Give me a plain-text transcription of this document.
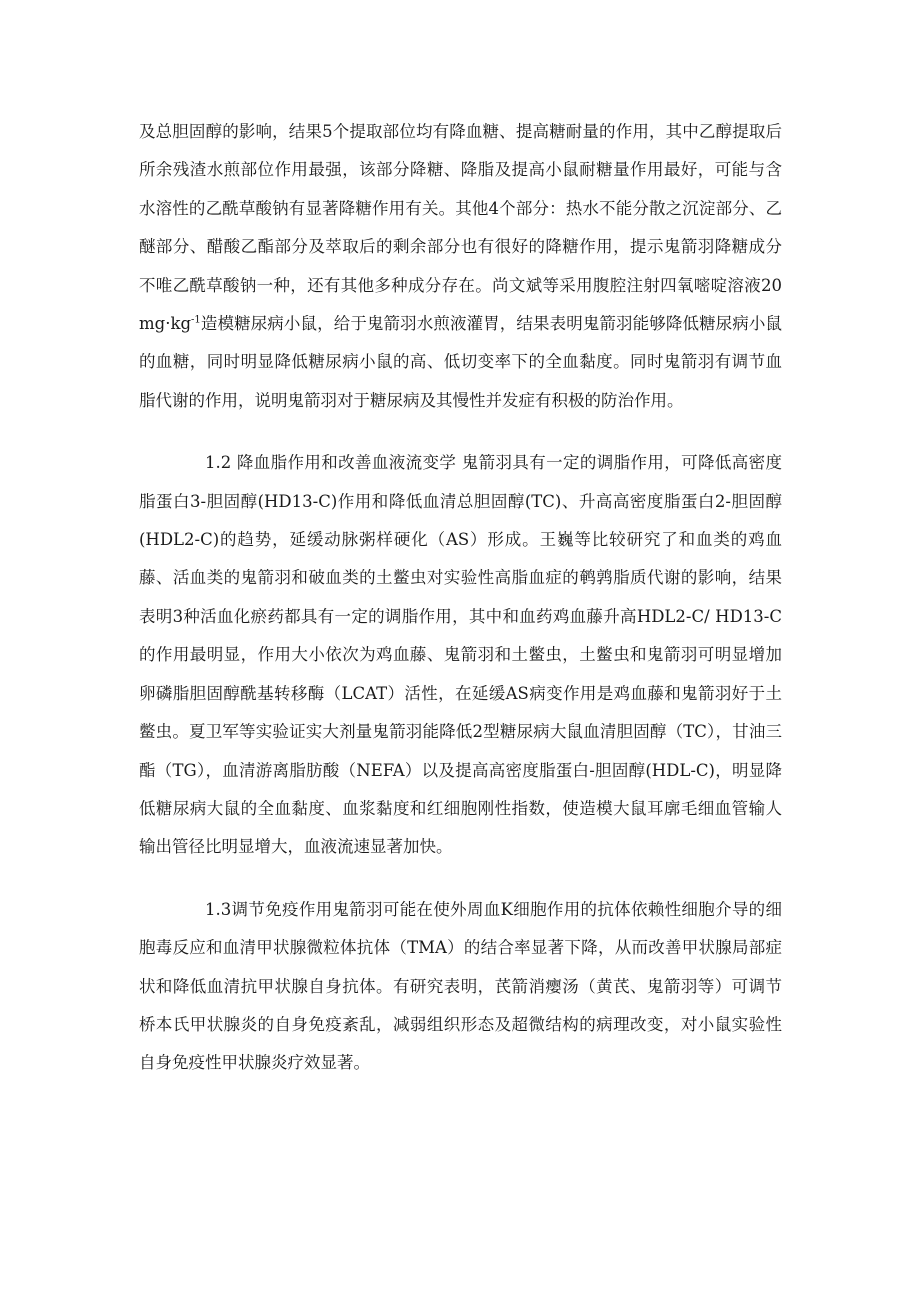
及总胆固醇的影响，结果5个提取部位均有降血糖、提高糖耐量的作用，其中乙醇提取后所余残渣水煎部位作用最强，该部分降糖、降脂及提高小鼠耐糖量作用最好，可能与含水溶性的乙酰草酸钠有显著降糖作用有关。其他4个部分：热水不能分散之沉淀部分、乙醚部分、醋酸乙酯部分及萃取后的剩余部分也有很好的降糖作用，提示鬼箭羽降糖成分不唯乙酰草酸钠一种，还有其他多种成分存在。尚文斌等采用腹腔注射四氧嘧啶溶液$20mg\cdot kg^{-1}$造模糖尿病小鼠，给于鬼箭羽水煎液灌胃，结果表明鬼箭羽能够降低糖尿病小鼠的血糖，同时明显降低糖尿病小鼠的高、低切变率下的全血黏度。同时鬼箭羽有调节血脂代谢的作用，说明鬼箭羽对于糖尿病及其慢性并发症有积极的防治作用。

1.2 降血脂作用和改善血液流变学 鬼箭羽具有一定的调脂作用，可降低高密度脂蛋白3-胆固醇(HD13-C)作用和降低血清总胆固醇(TC)、升高高密度脂蛋白2-胆固醇(HDL2-C)的趋势，延缓动脉粥样硬化（AS）形成。王巍等比较研究了和血类的鸡血藤、活血类的鬼箭羽和破血类的土鳖虫对实验性高脂血症的鹌鹑脂质代谢的影响，结果表明3种活血化瘀药都具有一定的调脂作用，其中和血药鸡血藤升高HDL2-C/ HD13-C的作用最明显，作用大小依次为鸡血藤、鬼箭羽和土鳖虫，土鳖虫和鬼箭羽可明显增加卵磷脂胆固醇酰基转移酶（LCAT）活性，在延缓AS病变作用是鸡血藤和鬼箭羽好于土鳖虫。夏卫军等实验证实大剂量鬼箭羽能降低2型糖尿病大鼠血清胆固醇（TC），甘油三酯（TG），血清游离脂肪酸（NEFA）以及提高高密度脂蛋白-胆固醇(HDL-C)，明显降低糖尿病大鼠的全血黏度、血浆黏度和红细胞刚性指数，使造模大鼠耳廓毛细血管输人输出管径比明显增大，血液流速显著加快。

1.3调节免疫作用鬼箭羽可能在使外周血K细胞作用的抗体依赖性细胞介导的细胞毒反应和血清甲状腺微粒体抗体（TMA）的结合率显著下降，从而改善甲状腺局部症状和降低血清抗甲状腺自身抗体。有研究表明，芪箭消瘿汤（黄芪、鬼箭羽等）可调节桥本氏甲状腺炎的自身免疫紊乱，减弱组织形态及超微结构的病理改变，对小鼠实验性自身免疫性甲状腺炎疗效显著。
